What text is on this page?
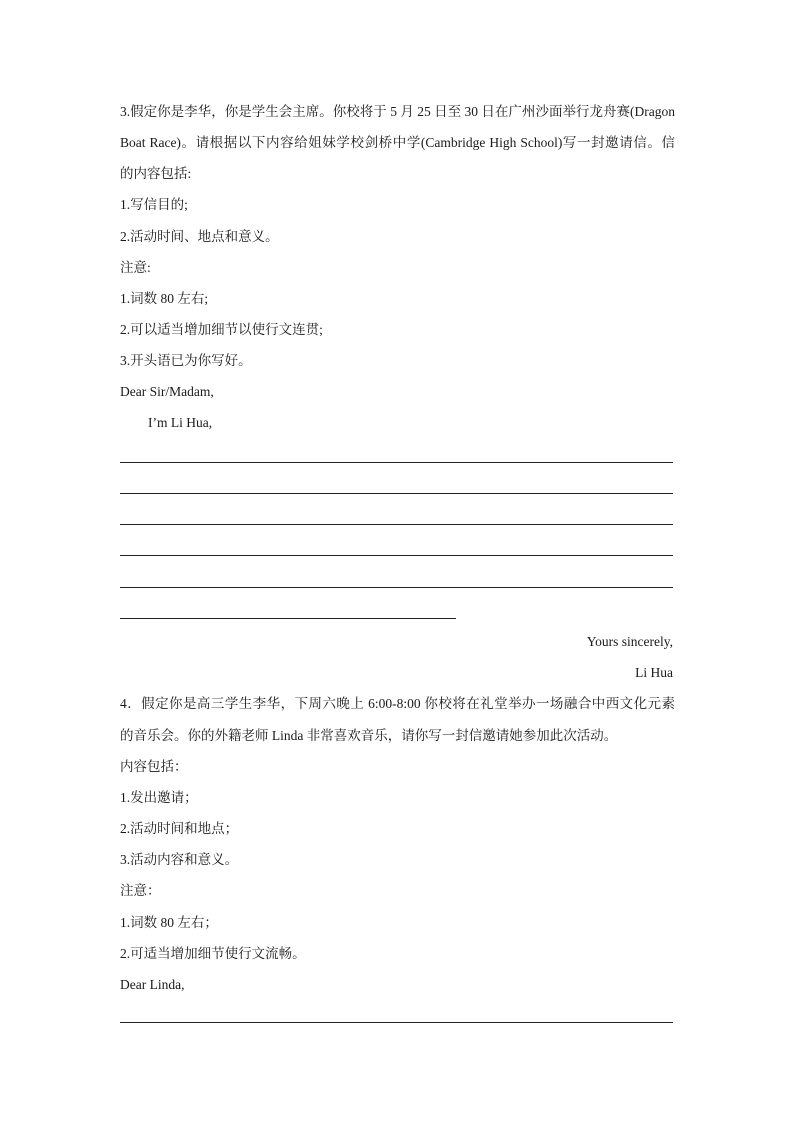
3.假定你是李华，你是学生会主席。你校将于 5 月 25 日至 30 日在广州沙面举行龙舟赛(Dragon
Boat Race)。请根据以下内容给姐妹学校剑桥中学(Cambridge High School)写一封邀请信。信
的内容包括:
1.写信目的;
2.活动时间、地点和意义。
注意:
1.词数 80 左右;
2.可以适当增加细节以使行文连贯;
3.开头语已为你写好。
Dear Sir/Madam,
I’m Li Hua,
Yours sincerely,
Li Hua
4．假定你是高三学生李华，下周六晚上 6:00-8:00 你校将在礼堂举办一场融合中西文化元素
的音乐会。你的外籍老师 Linda 非常喜欢音乐，请你写一封信邀请她参加此次活动。
内容包括：
1.发出邀请；
2.活动时间和地点；
3.活动内容和意义。
注意：
1.词数 80 左右；
2.可适当增加细节使行文流畅。
Dear Linda,
